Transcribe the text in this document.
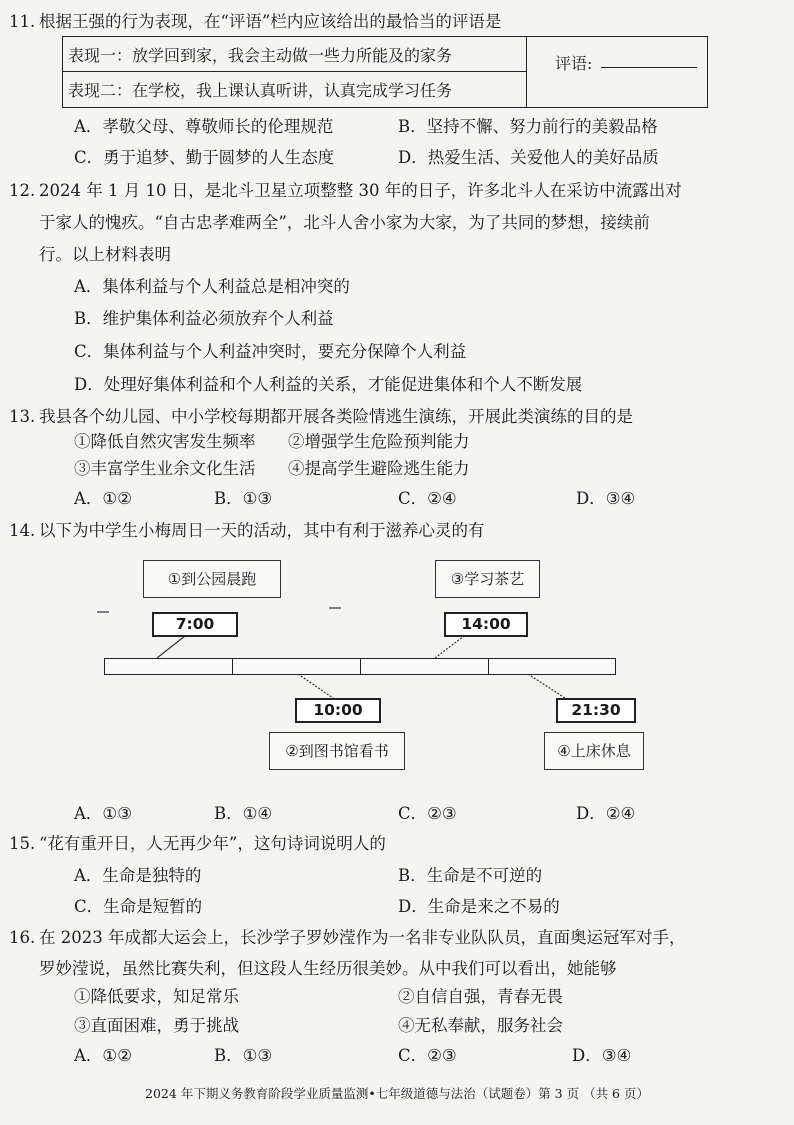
11. 根据王强的行为表现，在“评语”栏内应该给出的最恰当的评语是
表现一：放学回到家，我会主动做一些力所能及的家务
表现二：在学校，我上课认真听讲，认真完成学习任务
评语:
A．孝敬父母、尊敬师长的伦理规范	B．坚持不懈、努力前行的美毅品格
C．勇于追梦、勤于圆梦的人生态度	D．热爱生活、关爱他人的美好品质
12. 2024 年 1 月 10 日，是北斗卫星立项整整 30 年的日子，许多北斗人在采访中流露出对
于家人的愧疚。“自古忠孝难两全”，北斗人舍小家为大家，为了共同的梦想，接续前
行。以上材料表明
A．集体利益与个人利益总是相冲突的
B．维护集体利益必须放弃个人利益
C．集体利益与个人利益冲突时，要充分保障个人利益
D．处理好集体利益和个人利益的关系，才能促进集体和个人不断发展
13. 我县各个幼儿园、中小学校每期都开展各类险情逃生演练，开展此类演练的目的是
①降低自然灾害发生频率 ②增强学生危险预判能力
③丰富学生业余文化生活 ④提高学生避险逃生能力
A．①②	B．①③	C．②④	D．③④
14. 以下为中学生小梅周日一天的活动，其中有利于滋养心灵的有
①到公园晨跑	③学习茶艺
②到图书馆看书	④上床休息
7:00	14:00
10:00	21:30
A．①③	B．①④	C．②③	D．②④
15. “花有重开日，人无再少年”，这句诗词说明人的
A．生命是独特的	B．生命是不可逆的
C．生命是短暂的	D．生命是来之不易的
16. 在 2023 年成都大运会上，长沙学子罗妙滢作为一名非专业队队员，直面奥运冠军对手，
罗妙滢说，虽然比赛失利，但这段人生经历很美妙。从中我们可以看出，她能够
①降低要求，知足常乐	②自信自强，青春无畏
③直面困难，勇于挑战	④无私奉献，服务社会
A．①②	B．①③	C．②③	D．③④
2024 年下期义务教育阶段学业质量监测•七年级道德与法治（试题卷）第 3 页 （共 6 页）
